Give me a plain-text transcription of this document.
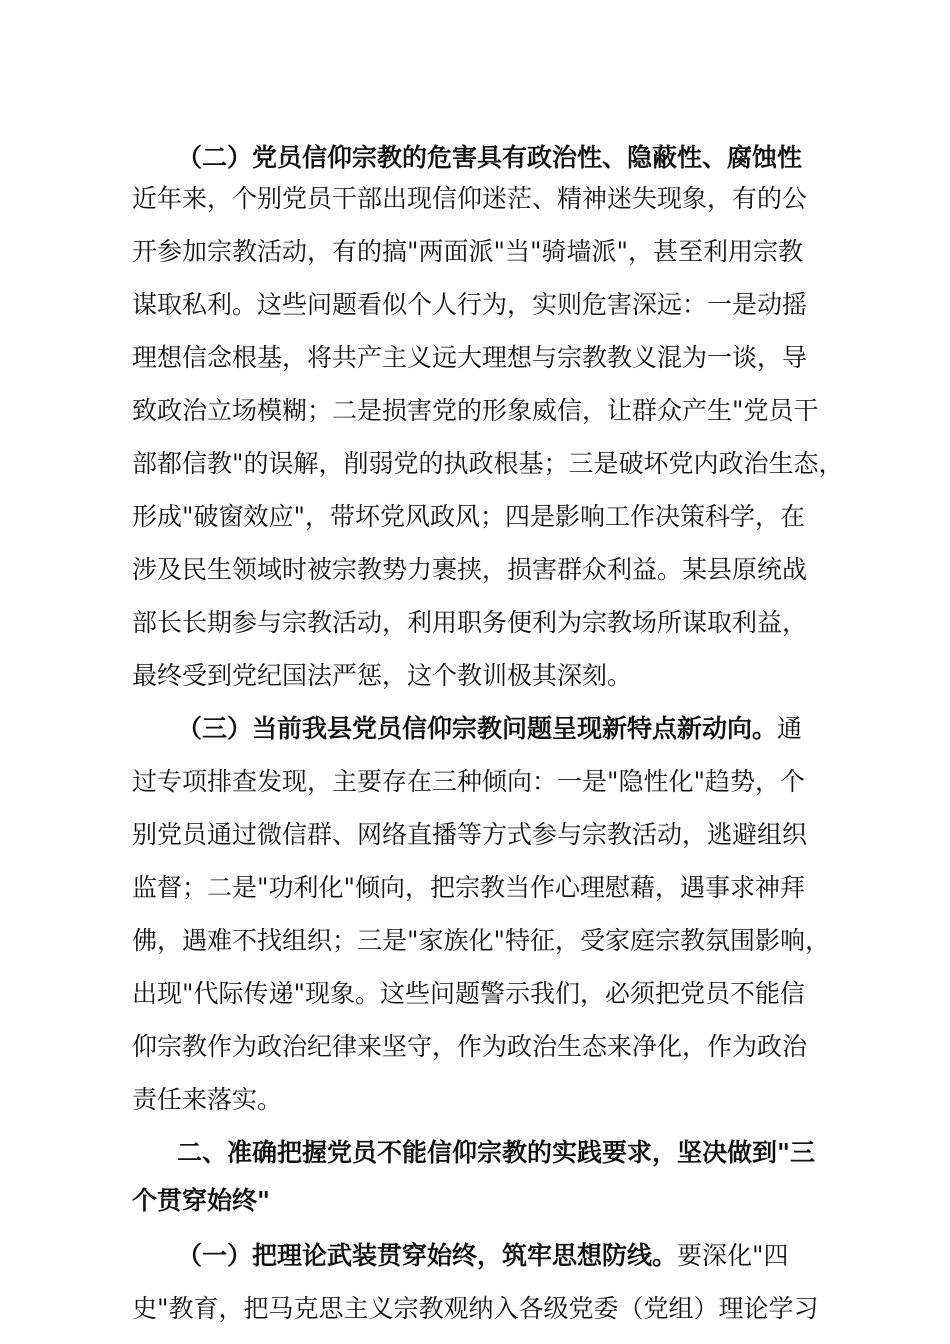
（二）党员信仰宗教的危害具有政治性、隐蔽性、腐蚀性
近年来，个别党员干部出现信仰迷茫、精神迷失现象，有的公
开参加宗教活动，有的搞"两面派"当"骑墙派"，甚至利用宗教
谋取私利。这些问题看似个人行为，实则危害深远：一是动摇
理想信念根基，将共产主义远大理想与宗教教义混为一谈，导
致政治立场模糊；二是损害党的形象威信，让群众产生"党员干
部都信教"的误解，削弱党的执政根基；三是破坏党内政治生态，
形成"破窗效应"，带坏党风政风；四是影响工作决策科学，在
涉及民生领域时被宗教势力裹挟，损害群众利益。某县原统战
部长长期参与宗教活动，利用职务便利为宗教场所谋取利益，
最终受到党纪国法严惩，这个教训极其深刻。
（三）当前我县党员信仰宗教问题呈现新特点新动向。通
过专项排查发现，主要存在三种倾向：一是"隐性化"趋势，个
别党员通过微信群、网络直播等方式参与宗教活动，逃避组织
监督；二是"功利化"倾向，把宗教当作心理慰藉，遇事求神拜
佛，遇难不找组织；三是"家族化"特征，受家庭宗教氛围影响，
出现"代际传递"现象。这些问题警示我们，必须把党员不能信
仰宗教作为政治纪律来坚守，作为政治生态来净化，作为政治
责任来落实。
二、准确把握党员不能信仰宗教的实践要求，坚决做到"三
个贯穿始终"
（一）把理论武装贯穿始终，筑牢思想防线。要深化"四
史"教育，把马克思主义宗教观纳入各级党委（党组）理论学习
